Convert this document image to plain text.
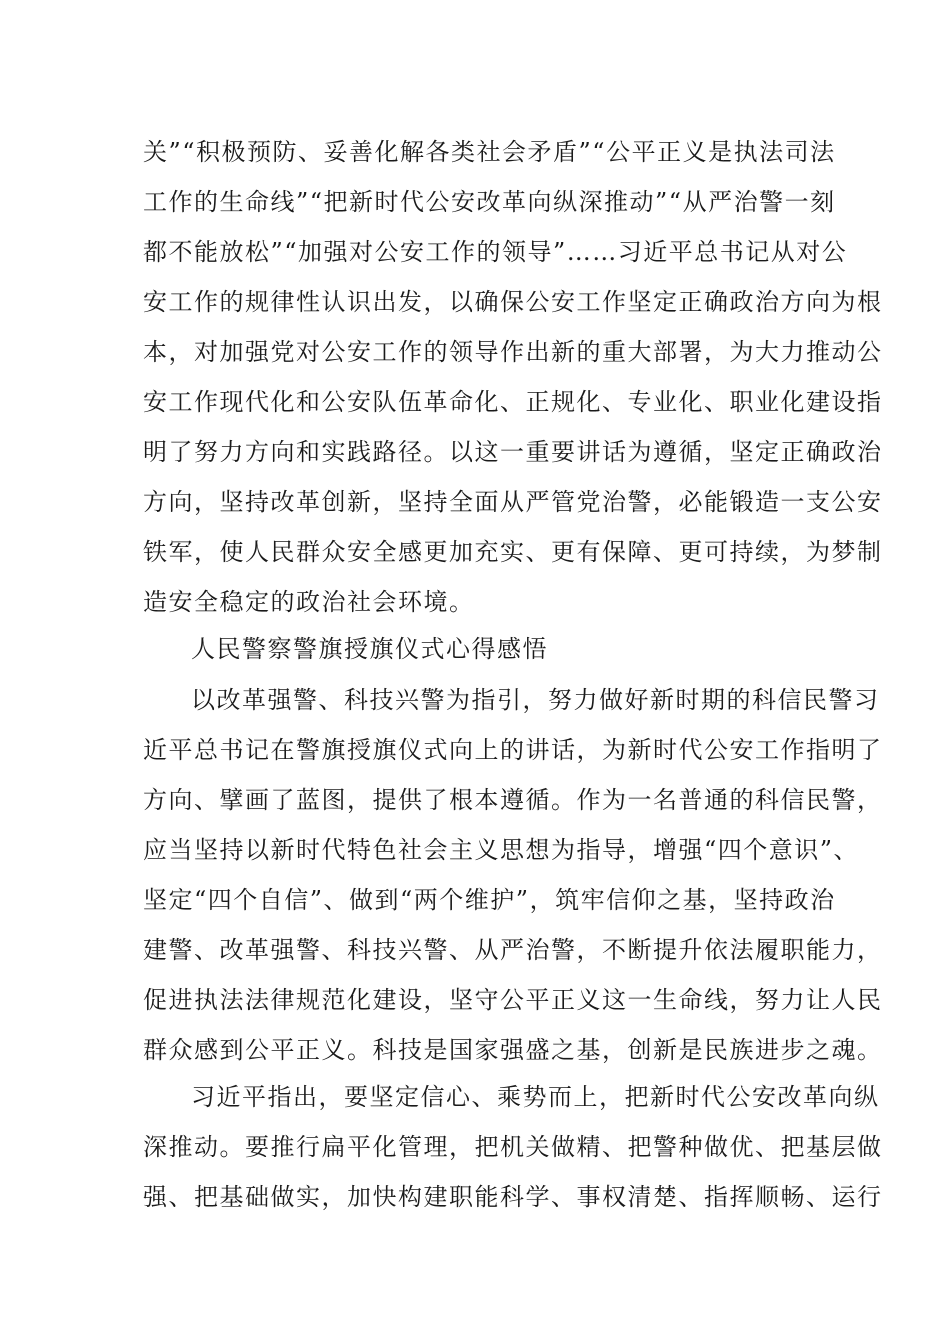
关”“积极预防、妥善化解各类社会矛盾”“公平正义是执法司法
工作的生命线”“把新时代公安改革向纵深推动”“从严治警一刻
都不能放松”“加强对公安工作的领导”……习近平总书记从对公
安工作的规律性认识出发，以确保公安工作坚定正确政治方向为根
本，对加强党对公安工作的领导作出新的重大部署，为大力推动公
安工作现代化和公安队伍革命化、正规化、专业化、职业化建设指
明了努力方向和实践路径。以这一重要讲话为遵循，坚定正确政治
方向，坚持改革创新，坚持全面从严管党治警，必能锻造一支公安
铁军，使人民群众安全感更加充实、更有保障、更可持续，为梦制
造安全稳定的政治社会环境。
人民警察警旗授旗仪式心得感悟
以改革强警、科技兴警为指引，努力做好新时期的科信民警习
近平总书记在警旗授旗仪式向上的讲话，为新时代公安工作指明了
方向、擘画了蓝图，提供了根本遵循。作为一名普通的科信民警，
应当坚持以新时代特色社会主义思想为指导，增强“四个意识”、
坚定“四个自信”、做到“两个维护”，筑牢信仰之基，坚持政治
建警、改革强警、科技兴警、从严治警，不断提升依法履职能力，
促进执法法律规范化建设，坚守公平正义这一生命线，努力让人民
群众感到公平正义。科技是国家强盛之基，创新是民族进步之魂。
习近平指出，要坚定信心、乘势而上，把新时代公安改革向纵
深推动。要推行扁平化管理，把机关做精、把警种做优、把基层做
强、把基础做实，加快构建职能科学、事权清楚、指挥顺畅、运行
